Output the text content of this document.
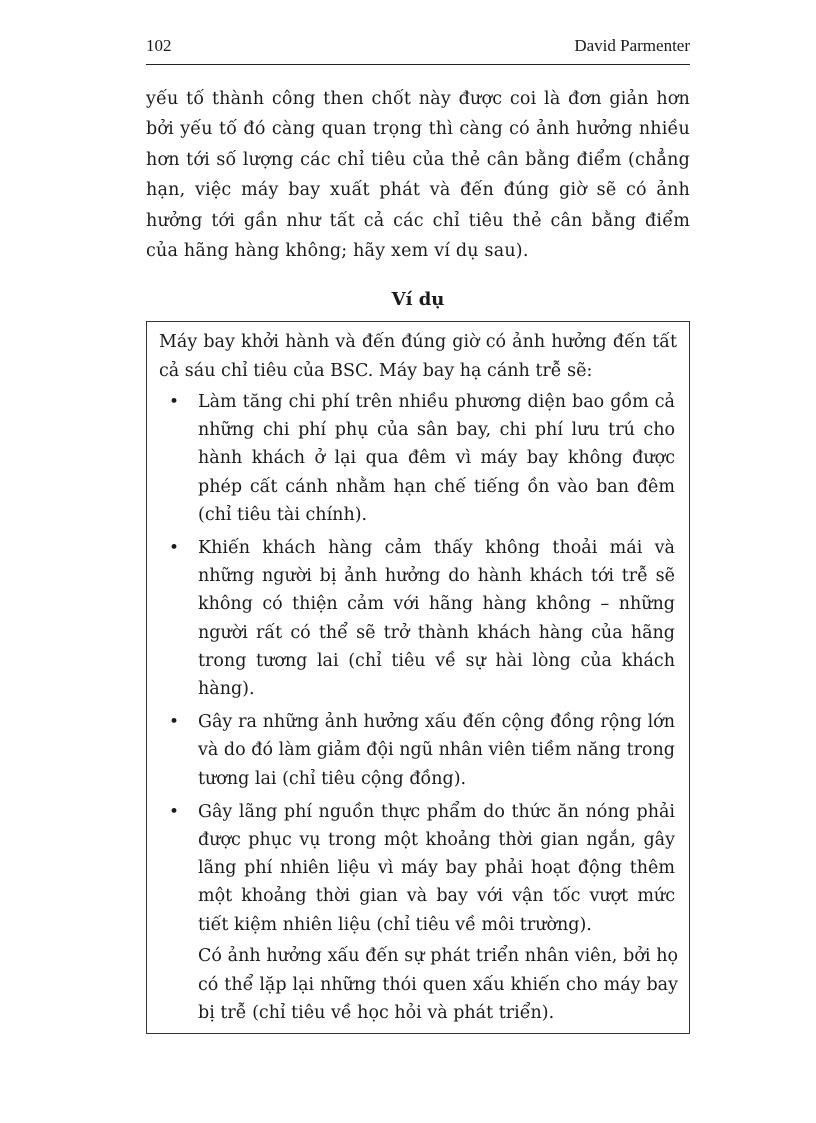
102	David Parmenter

yếu tố thành công then chốt này được coi là đơn giản hơn bởi yếu tố đó càng quan trọng thì càng có ảnh hưởng nhiều hơn tới số lượng các chỉ tiêu của thẻ cân bằng điểm (chẳng hạn, việc máy bay xuất phát và đến đúng giờ sẽ có ảnh hưởng tới gần như tất cả các chỉ tiêu thẻ cân bằng điểm của hãng hàng không; hãy xem ví dụ sau).

Ví dụ

Máy bay khởi hành và đến đúng giờ có ảnh hưởng đến tất cả sáu chỉ tiêu của BSC. Máy bay hạ cánh trễ sẽ:

• Làm tăng chi phí trên nhiều phương diện bao gồm cả những chi phí phụ của sân bay, chi phí lưu trú cho hành khách ở lại qua đêm vì máy bay không được phép cất cánh nhằm hạn chế tiếng ồn vào ban đêm (chỉ tiêu tài chính).
• Khiến khách hàng cảm thấy không thoải mái và những người bị ảnh hưởng do hành khách tới trễ sẽ không có thiện cảm với hãng hàng không – những người rất có thể sẽ trở thành khách hàng của hãng trong tương lai (chỉ tiêu về sự hài lòng của khách hàng).
• Gây ra những ảnh hưởng xấu đến cộng đồng rộng lớn và do đó làm giảm đội ngũ nhân viên tiềm năng trong tương lai (chỉ tiêu cộng đồng).
• Gây lãng phí nguồn thực phẩm do thức ăn nóng phải được phục vụ trong một khoảng thời gian ngắn, gây lãng phí nhiên liệu vì máy bay phải hoạt động thêm một khoảng thời gian và bay với vận tốc vượt mức tiết kiệm nhiên liệu (chỉ tiêu về môi trường).

Có ảnh hưởng xấu đến sự phát triển nhân viên, bởi họ có thể lặp lại những thói quen xấu khiến cho máy bay bị trễ (chỉ tiêu về học hỏi và phát triển).
